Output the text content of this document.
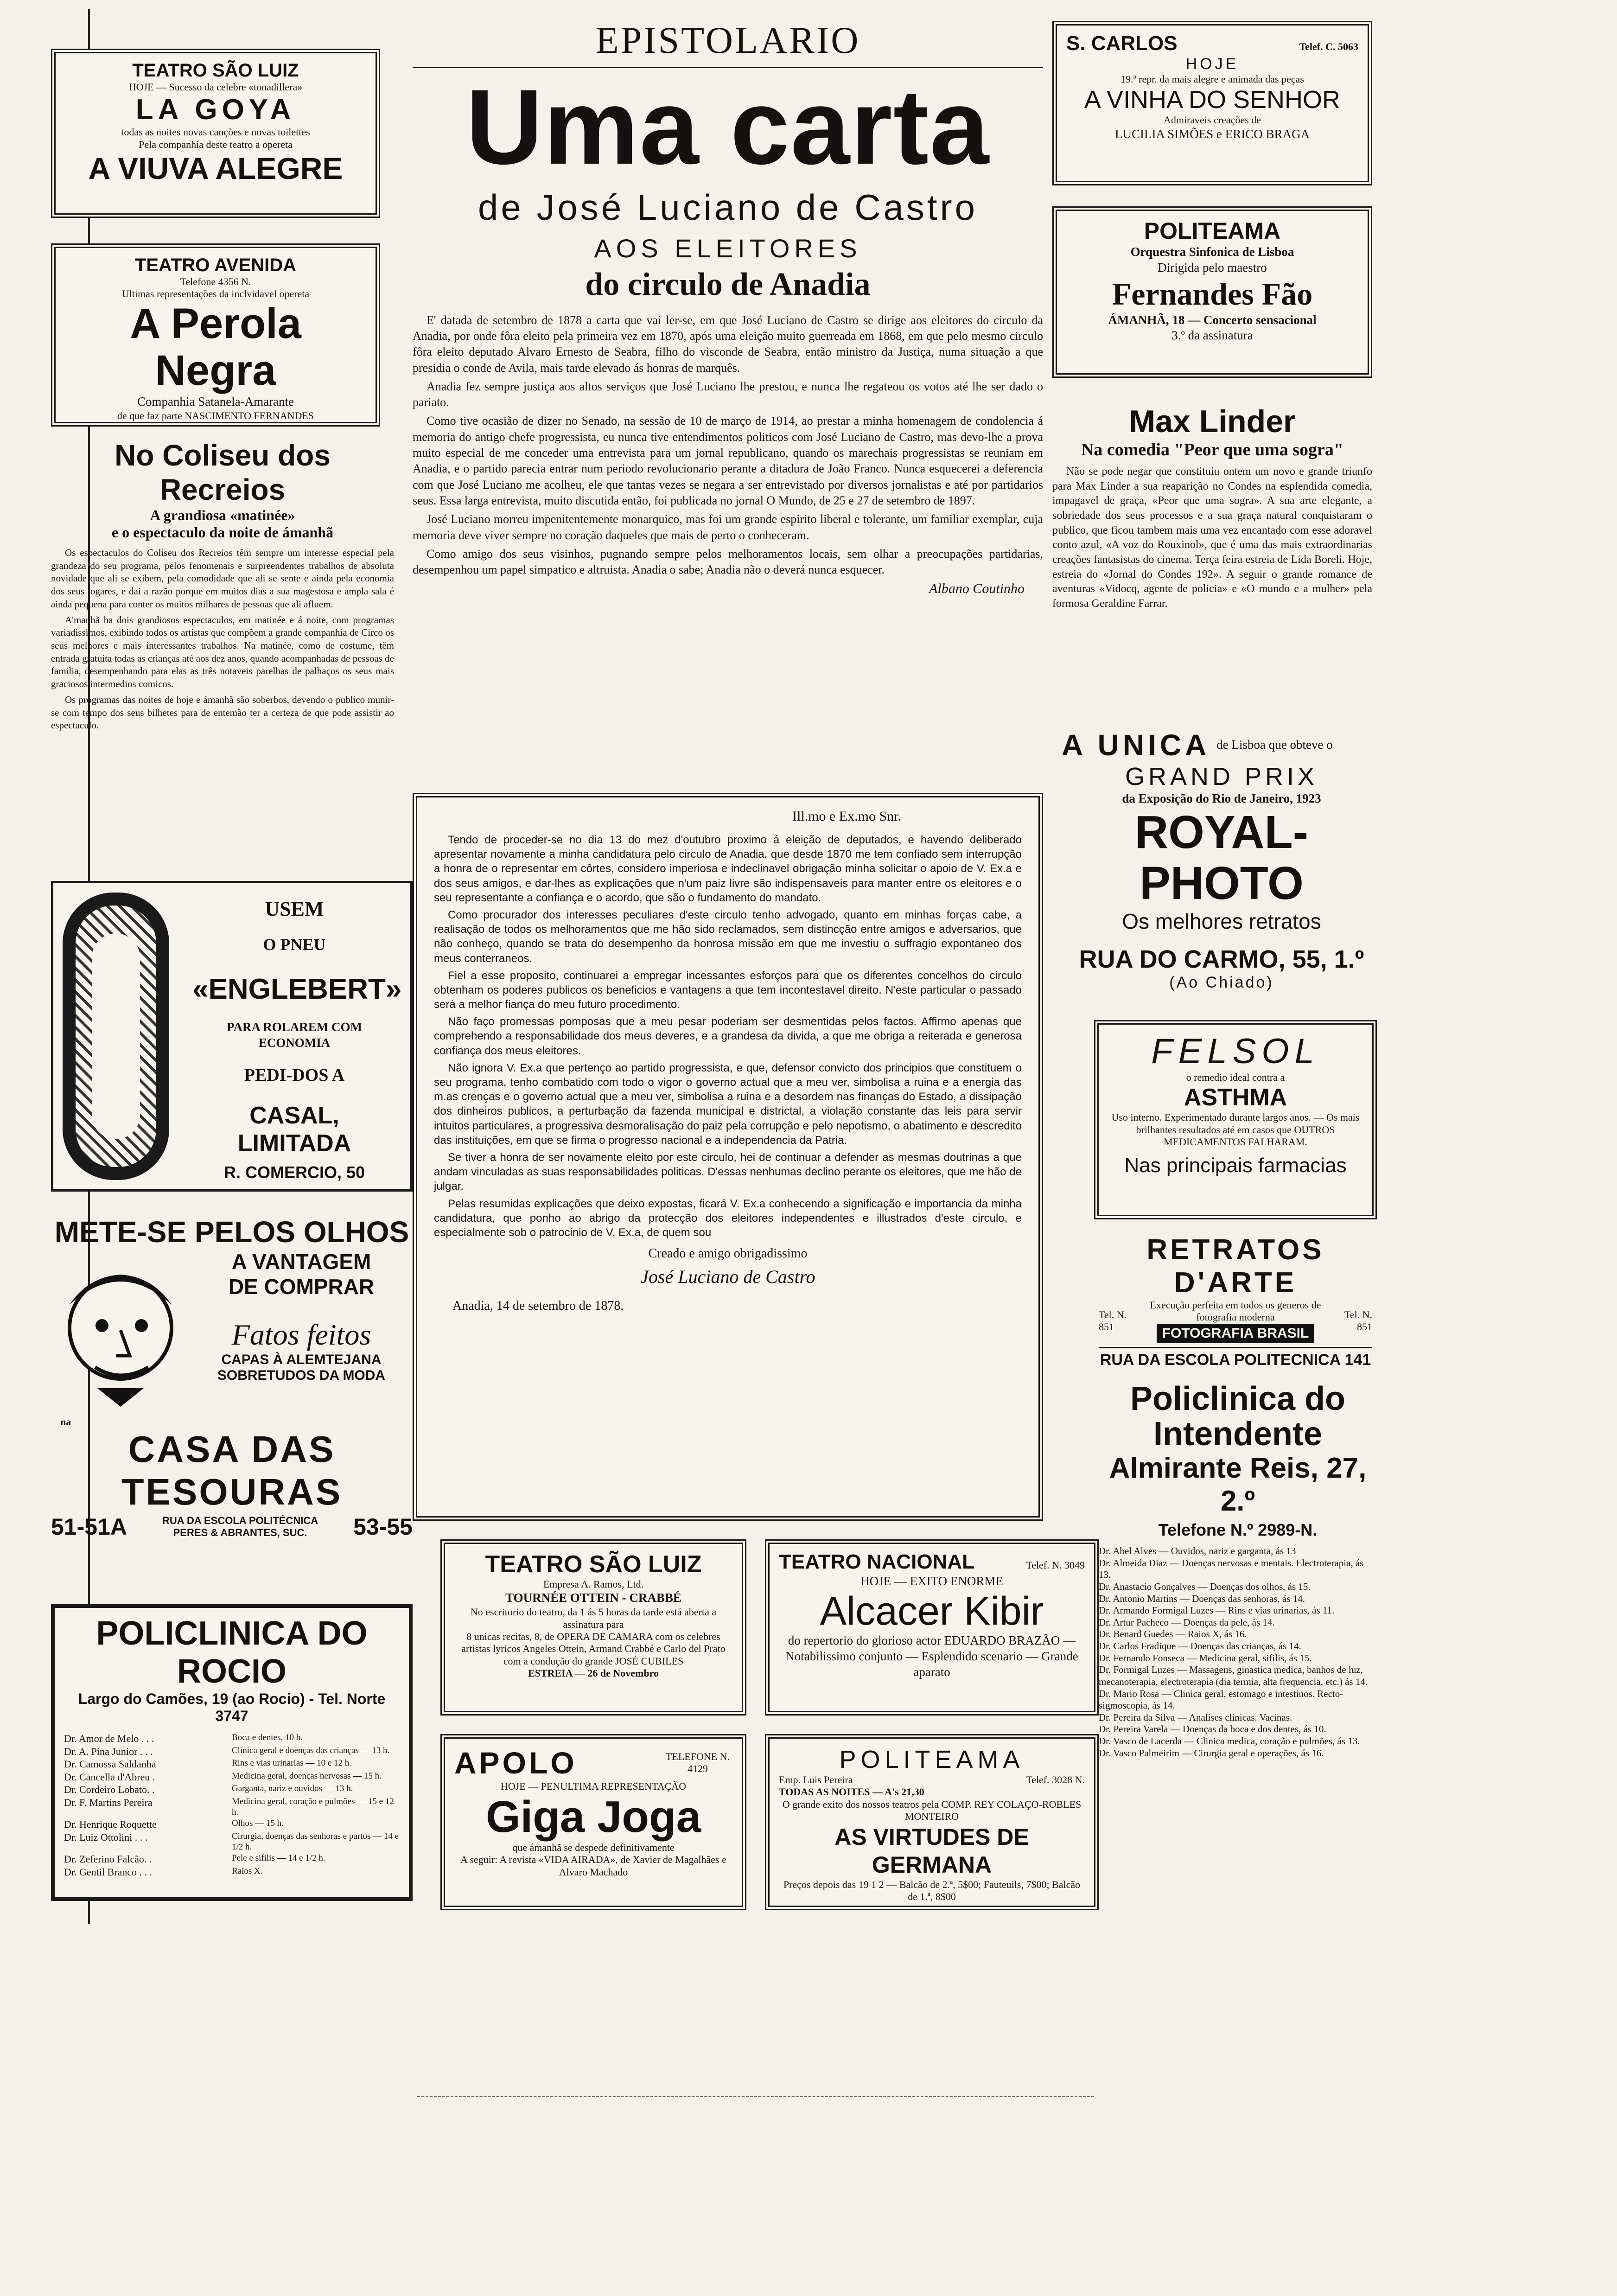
TEATRO SÃO LUIZ
HOJE — Sucesso da celebre «tonadillera»
LA GOYA
todas as noites novas canções e novas toilettes
Pela companhia deste teatro a opereta
A VIUVA ALEGRE
TEATRO AVENIDA
Telefone 4356 N.
Ultimas representações da inclvidavel opereta
A Perola Negra
Companhia Satanela-Amarante
de que faz parte NASCIMENTO FERNANDES
No Coliseu dos Recreios
A grandiosa «matinée»
e o espectaculo da noite de ámanhã

Os espectaculos do Coliseu dos Recreios têm sempre um interesse especial pela grandeza do seu programa, pelos fenomenais e surpreendentes trabalhos de absoluta novidade que ali se exibem, pela comodidade que ali se sente e ainda pela economia dos seus logares, e dai a razão porque em muitos dias a sua magestosa e ampla sala é ainda pequena para conter os muitos milhares de pessoas que ali afluem.

A'manhã ha dois grandiosos espectaculos, em matinée e á noite, com programas variadissimos, exibindo todos os artistas que compõem a grande companhia de Circo os seus melhores e mais interessantes trabalhos. Na matinée, como de costume, têm entrada gratuita todas as crianças até aos dez anos, quando acompanhadas de pessoas de familia, desempenhando para elas as três notaveis parelhas de palhaços os seus mais graciosos intermedios comicos.

Os programas das noites de hoje e ámanhã são soberbos, devendo o publico munir-se com tempo dos seus bilhetes para de entemão ter a certeza de que pode assistir ao espectaculo.

USEM
O PNEU
«ENGLEBERT»
PARA ROLAREM COM ECONOMIA
PEDI-DOS A
CASAL, LIMITADA
R. COMERCIO, 50
METE-SE PELOS OLHOS
A VANTAGEM
DE COMPRAR
Fatos feitos
CAPAS À ALEMTEJANA
SOBRETUDOS DA MODA
na
CASA DAS TESOURAS
51-51A	RUA DA ESCOLA POLITÉCNICA
PERES & ABRANTES, SUC.	53-55
POLICLINICA DO ROCIO
Largo do Camões, 19 (ao Rocio) - Tel. Norte 3747
Dr. Amor de Melo . . .	Boca e dentes, 10 h.
Dr. A. Pina Junior . . .	Clinica geral e doenças das crianças — 13 h.
Dr. Camossa Saldanha	Rins e vias urinarias — 10 e 12 h.
Dr. Cancella d'Abreu .	Medicina geral, doenças nervosas — 15 h.
Dr. Cordeiro Lobato. .	Garganta, nariz e ouvidos — 13 h.
Dr. F. Martins Pereira	Medicina geral, coração e pulmões — 15 e 12 h.
Dr. Henrique Roquette	Olhos — 15 h.
Dr. Luiz Ottolini . . .	Cirurgia, doenças das senhoras e partos — 14 e 1/2 h.
Dr. Zeferino Falcão. .	Pele e sifilis — 14 e 1/2 h.
Dr. Gentil Branco . . .	Raios X.
EPISTOLARIO
Uma carta
de José Luciano de Castro
AOS ELEITORES
do circulo de Anadia

E' datada de setembro de 1878 a carta que vai ler-se, em que José Luciano de Castro se dirige aos eleitores do circulo da Anadia, por onde fôra eleito pela primeira vez em 1870, após uma eleição muito guerreada em 1868, em que pelo mesmo circulo fôra eleito deputado Alvaro Ernesto de Seabra, filho do visconde de Seabra, então ministro da Justiça, numa situação a que presidia o conde de Avila, mais tarde elevado ás honras de marquês.

Anadia fez sempre justiça aos altos serviços que José Luciano lhe prestou, e nunca lhe regateou os votos até lhe ser dado o pariato.

Como tive ocasião de dizer no Senado, na sessão de 10 de março de 1914, ao prestar a minha homenagem de condolencia á memoria do antigo chefe progressista, eu nunca tive entendimentos politicos com José Luciano de Castro, mas devo-lhe a prova muito especial de me conceder uma entrevista para um jornal republicano, quando os marechais progressistas se reuniam em Anadia, e o partido parecia entrar num periodo revolucionario perante a ditadura de João Franco. Nunca esquecerei a deferencia com que José Luciano me acolheu, ele que tantas vezes se negara a ser entrevistado por diversos jornalistas e até por partidarios seus. Essa larga entrevista, muito discutida então, foi publicada no jornal O Mundo, de 25 e 27 de setembro de 1897.

José Luciano morreu impenitentemente monarquico, mas foi um grande espirito liberal e tolerante, um familiar exemplar, cuja memoria deve viver sempre no coração daqueles que mais de perto o conheceram.

Como amigo dos seus visinhos, pugnando sempre pelos melhoramentos locais, sem olhar a preocupações partidarias, desempenhou um papel simpatico e altruista. Anadia o sabe; Anadia não o deverá nunca esquecer.

Albano Coutinho
Ill.mo e Ex.mo Snr.

Tendo de proceder-se no dia 13 do mez d'outubro proximo á eleição de deputados, e havendo deliberado apresentar novamente a minha candidatura pelo circulo de Anadia, que desde 1870 me tem confiado sem interrupção a honra de o representar em côrtes, considero imperiosa e indeclinavel obrigação minha solicitar o apoio de V. Ex.a e dos seus amigos, e dar-lhes as explicações que n'um paiz livre são indispensaveis para manter entre os eleitores e o seu representante a confiança e o acordo, que são o fundamento do mandato.

Como procurador dos interesses peculiares d'este circulo tenho advogado, quanto em minhas forças cabe, a realisação de todos os melhoramentos que me hão sido reclamados, sem distincção entre amigos e adversarios, que não conheço, quando se trata do desempenho da honrosa missão em que me investiu o suffragio expontaneo dos meus conterraneos.

Fiel a esse proposito, continuarei a empregar incessantes esforços para que os diferentes concelhos do circulo obtenham os poderes publicos os beneficios e vantagens a que tem incontestavel direito. N'este particular o passado será a melhor fiança do meu futuro procedimento.

Não faço promessas pomposas que a meu pesar poderiam ser desmentidas pelos factos. Affirmo apenas que comprehendo a responsabilidade dos meus deveres, e a grandesa da divida, a que me obriga a reiterada e generosa confiança dos meus eleitores.

Não ignora V. Ex.a que pertenço ao partido progressista, e que, defensor convicto dos principios que constituem o seu programa, tenho combatido com todo o vigor o governo actual que a meu ver, simbolisa a ruina e a energia das m.as crenças e o governo actual que a meu ver, simbolisa a ruina e a desordem nas finanças do Estado, a dissipação dos dinheiros publicos, a perturbação da fazenda municipal e districtal, a violação constante das leis para servir intuitos particulares, a progressiva desmoralisação do paiz pela corrupção e pelo nepotismo, o abatimento e descredito das instituições, em que se firma o progresso nacional e a independencia da Patria.

Se tiver a honra de ser novamente eleito por este circulo, hei de continuar a defender as mesmas doutrinas a que andam vinculadas as suas responsabilidades politicas. D'essas nenhumas declino perante os eleitores, que me hão de julgar.

Pelas resumidas explicações que deixo expostas, ficará V. Ex.a conhecendo a significação e importancia da minha candidatura, que ponho ao abrigo da protecção dos eleitores independentes e illustrados d'este circulo, e especialmente sob o patrocinio de V. Ex.a, de quem sou

Creado e amigo obrigadissimo
José Luciano de Castro
Anadia, 14 de setembro de 1878.
TEATRO SÃO LUIZ
Empresa A. Ramos, Ltd.
TOURNÉE OTTEIN - CRABBÉ
No escritorio do teatro, da 1 ás 5 horas da tarde está aberta a assinatura para
8 unicas recitas, 8, de OPERA DE CAMARA com os celebres artistas lyricos Angeles Ottein, Armand Crabbé e Carlo del Prato com a condução do grande JOSÉ CUBILES
ESTREIA — 26 de Novembro
TEATRO NACIONAL	Telef. N. 3049
HOJE — EXITO ENORME
Alcacer Kibir
do repertorio do glorioso actor EDUARDO BRAZÃO — Notabilissimo conjunto — Esplendido scenario — Grande aparato
APOLO	TELEFONE N. 4129
HOJE — PENULTIMA REPRESENTAÇÃO
Giga Joga
que ámanhã se despede definitivamente
A seguir: A revista «VIDA AIRADA», de Xavier de Magalhães e Alvaro Machado
POLITEAMA
Emp. Luis Pereira	Telef. 3028 N.
TODAS AS NOITES — A's 21,30
O grande exito dos nossos teatros pela COMP. REY COLAÇO-ROBLES MONTEIRO
AS VIRTUDES DE GERMANA
Preços depois das 19 1 2 — Balcão de 2.ª, 5$00; Fauteuils, 7$00; Balcão de 1.ª, 8$00
S. CARLOS	Telef. C. 5063
HOJE
19.ª repr. da mais alegre e animada das peças
A VINHA DO SENHOR
Admiraveis creações de
LUCILIA SIMÕES e ERICO BRAGA
POLITEAMA
Orquestra Sinfonica de Lisboa
Dirigida pelo maestro
Fernandes Fão
ÁMANHÃ, 18 — Concerto sensacional
3.º da assinatura
Max Linder
Na comedia "Peor que uma sogra"

Não se pode negar que constituiu ontem um novo e grande triunfo para Max Linder a sua reaparição no Condes na esplendida comedia, impagavel de graça, «Peor que uma sogra». A sua arte elegante, a sobriedade dos seus processos e a sua graça natural conquistaram o publico, que ficou tambem mais uma vez encantado com esse adoravel conto azul, «A voz do Rouxinol», que é uma das mais extraordinarias creações fantasistas do cinema. Terça feira estreia de Lida Boreli. Hoje, estreia do «Jornal do Condes 192». A seguir o grande romance de aventuras «Vidocq, agente de policia» e «O mundo e a mulher» pela formosa Geraldine Farrar.

A UNICA de Lisboa que obteve o
GRAND PRIX
da Exposição do Rio de Janeiro, 1923
ROYAL-PHOTO
Os melhores retratos
RUA DO CARMO, 55, 1.º
(Ao Chiado)
FELSOL
o remedio ideal contra a
ASTHMA
Uso interno. Experimentado durante largos anos. — Os mais brilhantes resultados até em casos que OUTROS MEDICAMENTOS FALHARAM.
Nas principais farmacias
RETRATOS D'ARTE
Tel. N. 851
Execução perfeita em todos os generos de fotografia moderna
FOTOGRAFIA BRASIL
Tel. N. 851
RUA DA ESCOLA POLITECNICA 141
Policlinica do Intendente
Almirante Reis, 27, 2.º
Telefone N.º 2989-N.
Dr. Abel Alves — Ouvidos, nariz e garganta, ás 13
Dr. Almeida Diaz — Doenças nervosas e mentais. Electroterapia, ás 13.
Dr. Anastacio Gonçalves — Doenças dos olhos, ás 15.
Dr. Antonio Martins — Doenças das senhoras, ás 14.
Dr. Armando Formigal Luzes — Rins e vias urinarias, ás 11.
Dr. Artur Pacheco — Doenças da pele, ás 14.
Dr. Benard Guedes — Raios X, ás 16.
Dr. Carlos Fradique — Doenças das crianças, ás 14.
Dr. Fernando Fonseca — Medicina geral, sifilis, ás 15.
Dr. Formigal Luzes — Massagens, ginastica medica, banhos de luz, mecanoterapia, electroterapia (dia termia, alta frequencia, etc.) ás 14.
Dr. Mario Rosa — Clinica geral, estomago e intestinos. Recto-sigmoscopia, ás 14.
Dr. Pereira da Silva — Analises clinicas. Vacinas.
Dr. Pereira Varela — Doenças da boca e dos dentes, ás 10.
Dr. Vasco de Lacerda — Clinica medica, coração e pulmões, ás 13.
Dr. Vasco Palmeirim — Cirurgia geral e operações, ás 16.
